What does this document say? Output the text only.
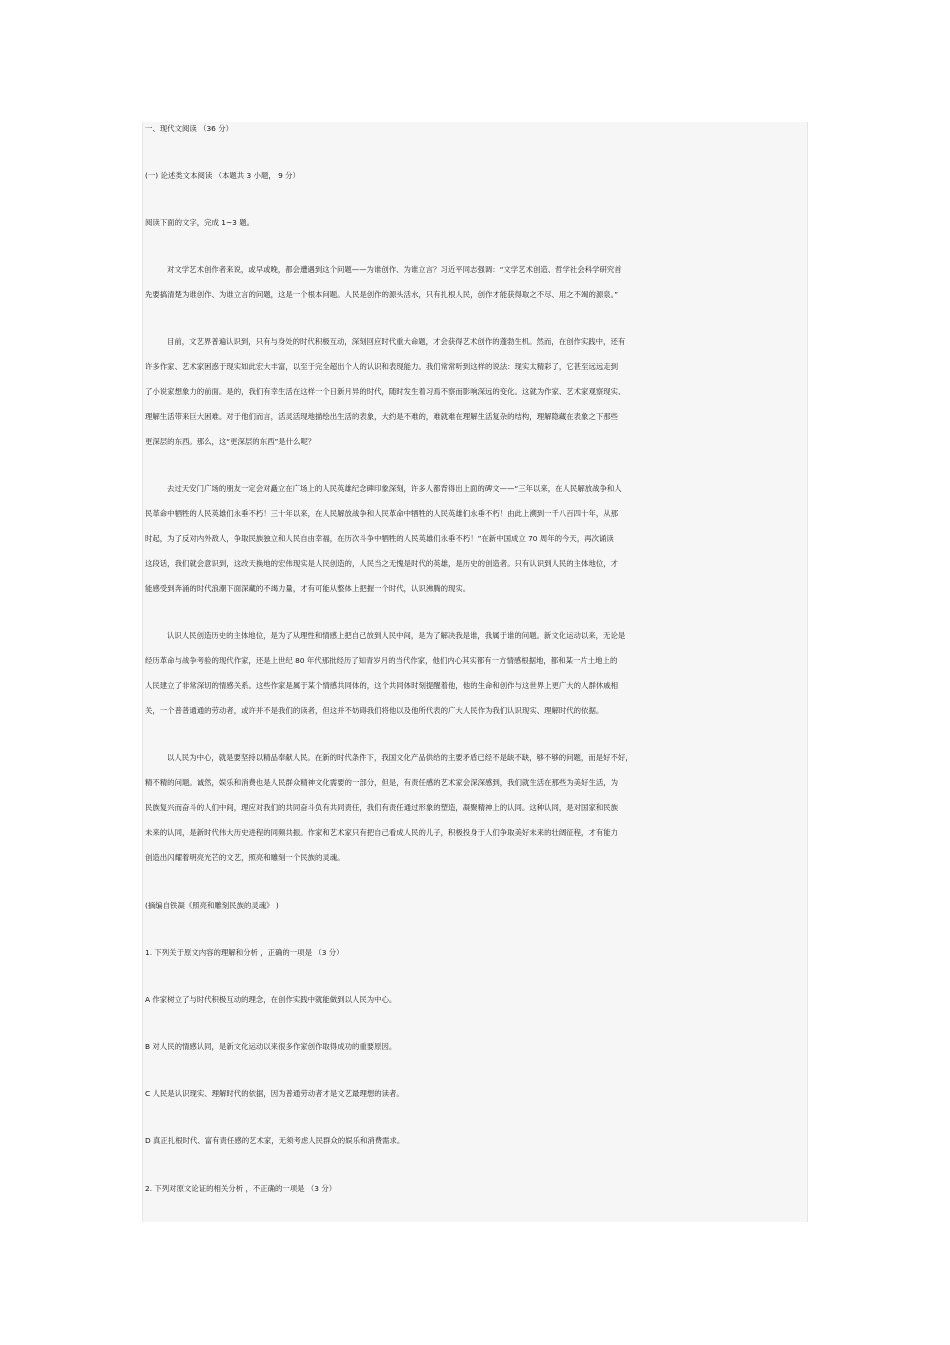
一、现代文阅读 （36 分）
(一) 论述类文本阅读 （本题共 3 小题， 9 分）
阅读下面的文字，完成 1~3 题。
对文学艺术创作者来说，或早或晚，都会遭遇到这个问题——为谁创作、为谁立言？习近平同志强调：“文学艺术创造、哲学社会科学研究首
先要搞清楚为谁创作、为谁立言的问题，这是一个根本问题。人民是创作的源头活水，只有扎根人民，创作才能获得取之不尽、用之不竭的源泉。”
目前，文艺界普遍认识到，只有与身处的时代积极互动，深刻回应时代重大命题，才会获得艺术创作的蓬勃生机。然而，在创作实践中，还有
许多作家、艺术家困惑于现实如此宏大丰富，以至于完全超出个人的认识和表现能力。我们常常听到这样的说法：现实太精彩了，它甚至远远走到
了小说家想象力的前面。是的，我们有幸生活在这样一个日新月异的时代，随时发生着习焉不察而影响深远的变化。这就为作家、艺术家观察现实、
理解生活带来巨大困难。对于他们而言，活灵活现地描绘出生活的表象，大约是不难的，难就难在理解生活复杂的结构，理解隐藏在表象之下那些
更深层的东西。那么，这“更深层的东西”是什么呢？
去过天安门广场的朋友一定会对矗立在广场上的人民英雄纪念碑印象深刻，许多人都背得出上面的碑文——“三年以来，在人民解放战争和人
民革命中牺牲的人民英雄们永垂不朽！三十年以来，在人民解放战争和人民革命中牺牲的人民英雄们永垂不朽！由此上溯到一千八百四十年，从那
时起，为了反对内外敌人，争取民族独立和人民自由幸福，在历次斗争中牺牲的人民英雄们永垂不朽！”在新中国成立 70 周年的今天，再次诵读
这段话，我们就会意识到，这改天换地的宏伟现实是人民创造的，人民当之无愧是时代的英雄，是历史的创造者。只有认识到人民的主体地位，才
能感受到奔涌的时代浪潮下面深藏的不竭力量，才有可能从整体上把握一个时代，认识沸腾的现实。
认识人民创造历史的主体地位，是为了从理性和情感上把自己放到人民中间，是为了解决我是谁，我属于谁的问题。新文化运动以来，无论是
经历革命与战争考验的现代作家，还是上世纪 80 年代那批经历了知青岁月的当代作家，他们内心其实都有一方情感根据地，都和某一片土地上的
人民建立了非常深切的情感关系。这些作家是属于某个情感共同体的，这个共同体时刻提醒着他，他的生命和创作与这世界上更广大的人群休戚相
关，一个普普通通的劳动者，或许并不是我们的读者，但这并不妨碍我们将他以及他所代表的广大人民作为我们认识现实、理解时代的依据。
以人民为中心，就是要坚持以精品奉献人民。在新的时代条件下，我国文化产品供给的主要矛盾已经不是缺不缺，够不够的问题，而是好不好，
精不精的问题。诚然，娱乐和消费也是人民群众精神文化需要的一部分，但是，有责任感的艺术家会深深感到，我们就生活在那些为美好生活，为
民族复兴而奋斗的人们中间，理应对我们的共同奋斗负有共同责任，我们有责任通过形象的塑造，凝聚精神上的认同。这种认同，是对国家和民族
未来的认同，是新时代伟大历史进程的同频共振。作家和艺术家只有把自己看成人民的儿子，积极投身于人们争取美好未来的壮阔征程，才有能力
创造出闪耀着明亮光芒的文艺，照亮和雕刻一个民族的灵魂。
(摘编自铁凝《照亮和雕刻民族的灵魂》 )
1. 下列关于原文内容的理解和分析 ，正确的一项是 （3 分）
A 作家树立了与时代积极互动的理念，在创作实践中就能做到以人民为中心。
B 对人民的情感认同，是新文化运动以来很多作家创作取得成功的重要原因。
C 人民是认识现实、理解时代的依据，因为普通劳动者才是文艺最理想的读者。
D 真正扎根时代、富有责任感的艺术家，无须考虑人民群众的娱乐和消费需求。
2. 下列对原文论证的相关分析 ，不正确的一项是 （3 分）
